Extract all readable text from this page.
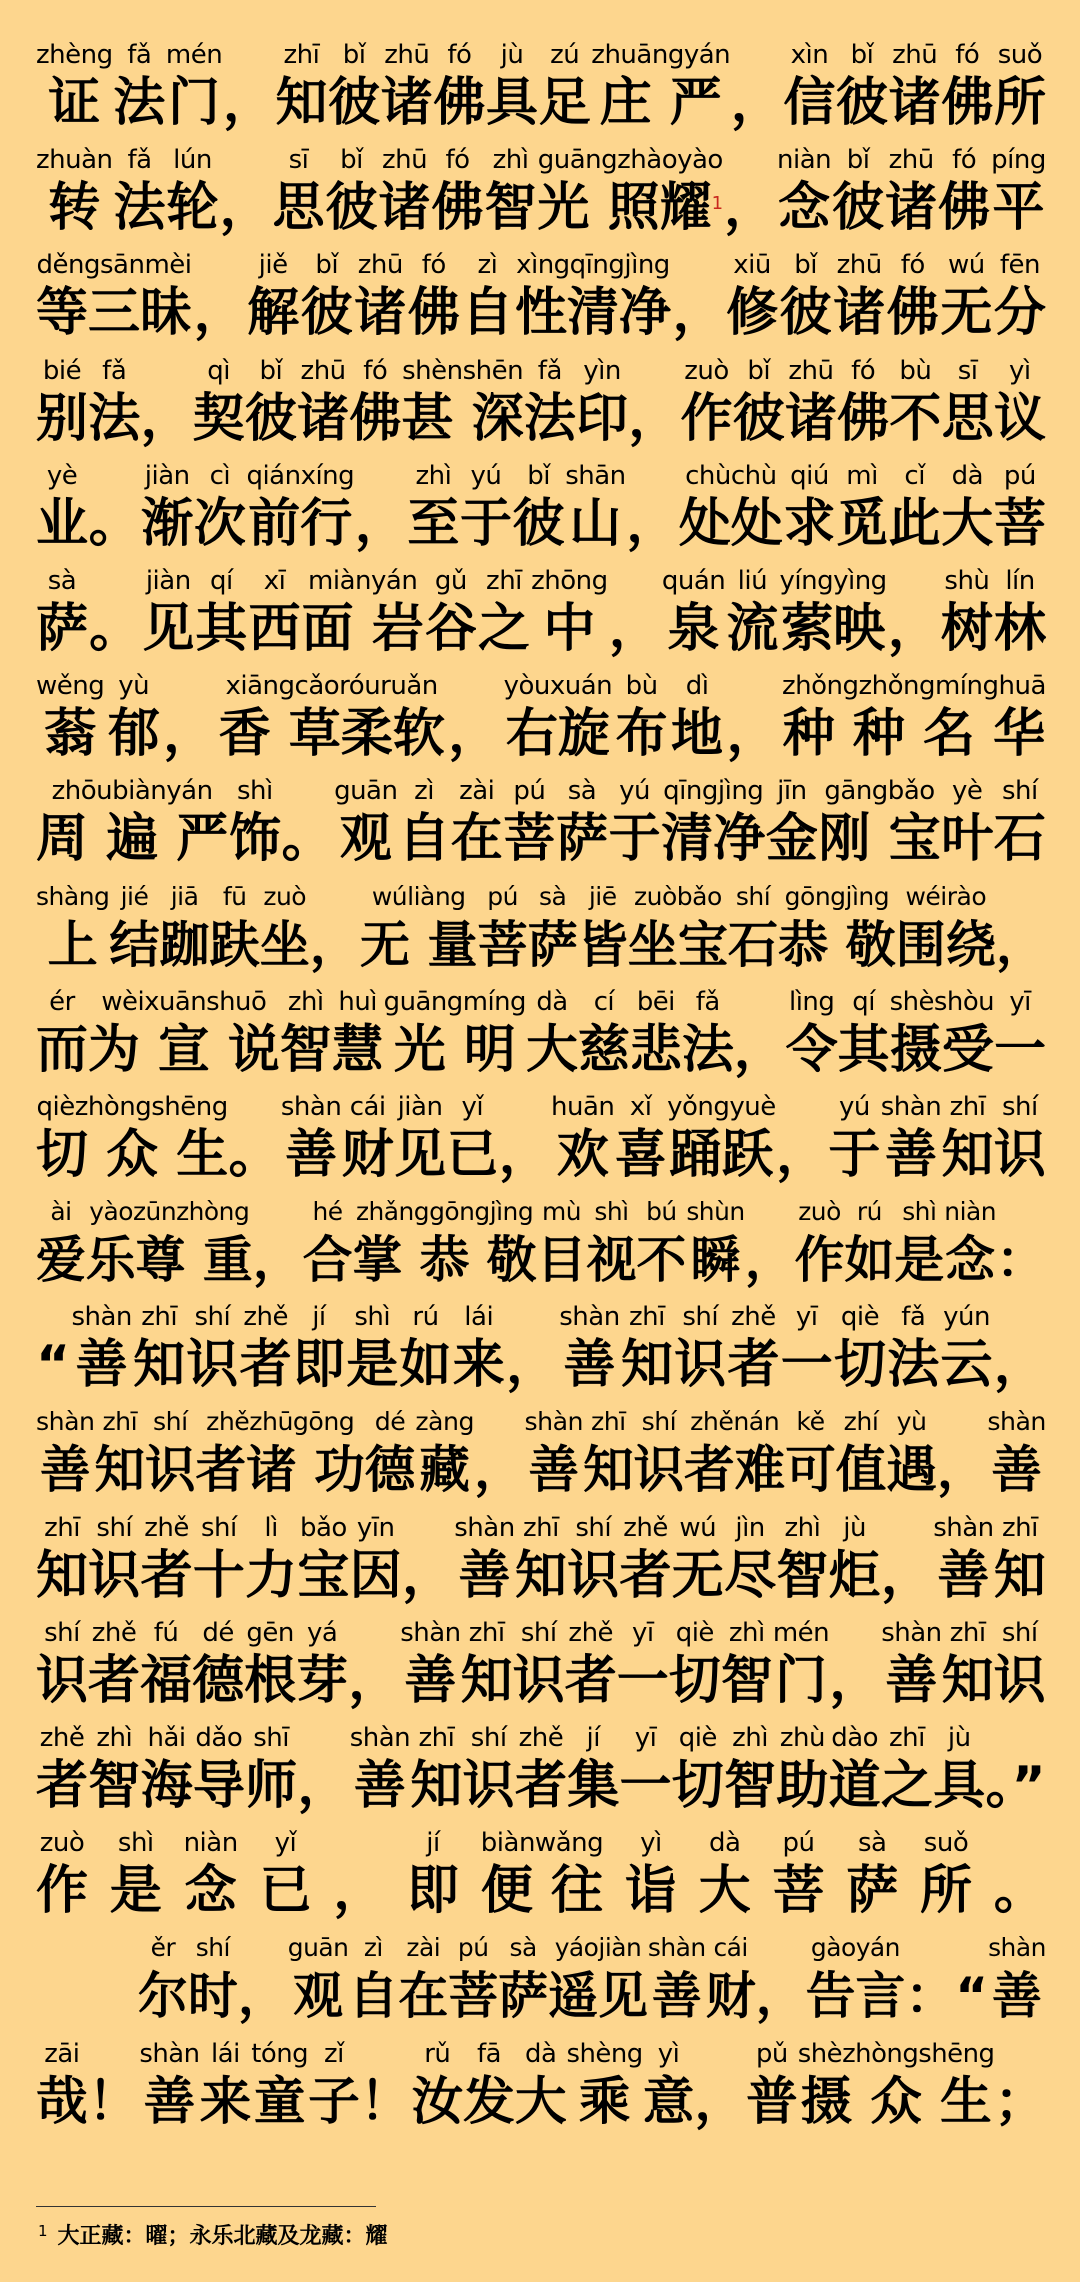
zhèng
证
fǎ
法
mén
门 ，
zhī
知
bǐ
彼
zhū
诸
fó
佛
jù
具
zú
足
zhuāngyán
庄 严 ，
xìn
信
bǐ
彼
zhū
诸
fó
佛
suǒ
所
zhuàn
转
fǎ
法
lún
轮 ，
sī
思
bǐ
彼
zhū
诸
fó
佛
zhì
智
guāngzhàoyào
光 照耀$^1$ ，
niàn
念
bǐ
彼
zhū
诸
fó
佛
píng
平
děngsānmèi
等三昧 ，
jiě
解
bǐ
彼
zhū
诸
fó
佛
zì
自
xìngqīngjìng
性清净 ，
xiū
修
bǐ
彼
zhū
诸
fó
佛
wú
无
fēn
分
bié
别
fǎ
法 ，
qì
契
bǐ
彼
zhū
诸
fó
佛
shènshēn
甚 深
fǎ
法
yìn
印 ，
zuò
作
bǐ
彼
zhū
诸
fó
佛
bù
不
sī
思
yì
议
yè
业 。
jiàn
渐
cì
次
qiánxíng
前行 ，
zhì
至
yú
于
bǐ
彼
shān
山 ，
chùchù
处处
qiú
求
mì
觅
cǐ
此
dà
大
pú
菩
sà
萨 。
jiàn
见
qí
其
xī
西
miànyán
面 岩
gǔ
谷
zhī
之
zhōng
中 ，
quán
泉
liú
流
yíngyìng
萦映 ，
shù
树
lín
林
wěng
蓊
yù
郁 ，
xiāngcǎoróuruǎn
香 草柔软 ，
yòuxuán
右旋
bù
布
dì
地 ，
zhǒngzhǒngmínghuā
种 种 名 华
zhōubiànyán
周 遍 严
shì
饰 。
guān
观
zì
自
zài
在
pú
菩
sà
萨
yú
于
qīngjìng
清净
jīn
金
gāngbǎo
刚 宝
yè
叶
shí
石
shàng
上
jié
结
jiā
跏
fū
趺
zuò
坐 ，
wúliàng
无 量
pú
菩
sà
萨
jiē
皆
zuòbǎo
坐宝
shí
石
gōngjìng
恭 敬
wéirào
围绕 ，
ér
而
wèixuānshuō
为 宣 说
zhì
智
huì
慧
guāngmíng
光 明
dà
大
cí
慈
bēi
悲
fǎ
法 ，
lìng
令
qí
其
shèshòu
摄受
yī
一
qièzhòngshēng
切 众 生 。
shàn
善
cái
财
jiàn
见
yǐ
已 ，
huān
欢
xǐ
喜
yǒngyuè
踊跃 ，
yú
于
shàn
善
zhī
知
shí
识
ài
爱
yàozūnzhòng
乐尊 重 ，
hé
合
zhǎnggōngjìng
掌 恭 敬
mù
目
shì
视
bú
不
shùn
瞬 ，
zuò
作
rú
如
shì
是
niàn
念 ：
“
shàn
善
zhī
知
shí
识
zhě
者
jí
即
shì
是
rú
如
lái
来 ，
shàn
善
zhī
知
shí
识
zhě
者
yī
一
qiè
切
fǎ
法
yún
云 ，
shàn
善
zhī
知
shí
识
zhězhūgōng
者诸 功
dé
德
zàng
藏 ，
shàn
善
zhī
知
shí
识
zhěnán
者难
kě
可
zhí
值
yù
遇 ，
shàn
善
zhī
知
shí
识
zhě
者
shí
十
lì
力
bǎo
宝
yīn
因 ，
shàn
善
zhī
知
shí
识
zhě
者
wú
无
jìn
尽
zhì
智
jù
炬 ，
shàn
善
zhī
知
shí
识
zhě
者
fú
福
dé
德
gēn
根
yá
芽 ，
shàn
善
zhī
知
shí
识
zhě
者
yī
一
qiè
切
zhì
智
mén
门 ，
shàn
善
zhī
知
shí
识
zhě
者
zhì
智
hǎi
海
dǎo
导
shī
师 ，
shàn
善
zhī
知
shí
识
zhě
者
jí
集
yī
一
qiè
切
zhì
智
zhù
助
dào
道
zhī
之
jù
具 。”
zuò
作
shì
是
niàn
念
yǐ
已 ，
jí
即
biànwǎng
便 往
yì
诣
dà
大
pú
菩
sà
萨
suǒ
所 。
ěr
尔
shí
时 ，
guān
观
zì
自
zài
在
pú
菩
sà
萨
yáojiàn
遥见
shàn
善
cái
财 ，
gàoyán
告言 ：“
shàn
善
zāi
哉 ！
shàn
善
lái
来
tóng
童
zǐ
子 ！
rǔ
汝
fā
发
dà
大
shèng
乘
yì
意 ，
pǔ
普
shèzhòngshēng
摄 众 生 ；
$^1$ 大正藏：曜；永乐北藏及龙藏：耀
